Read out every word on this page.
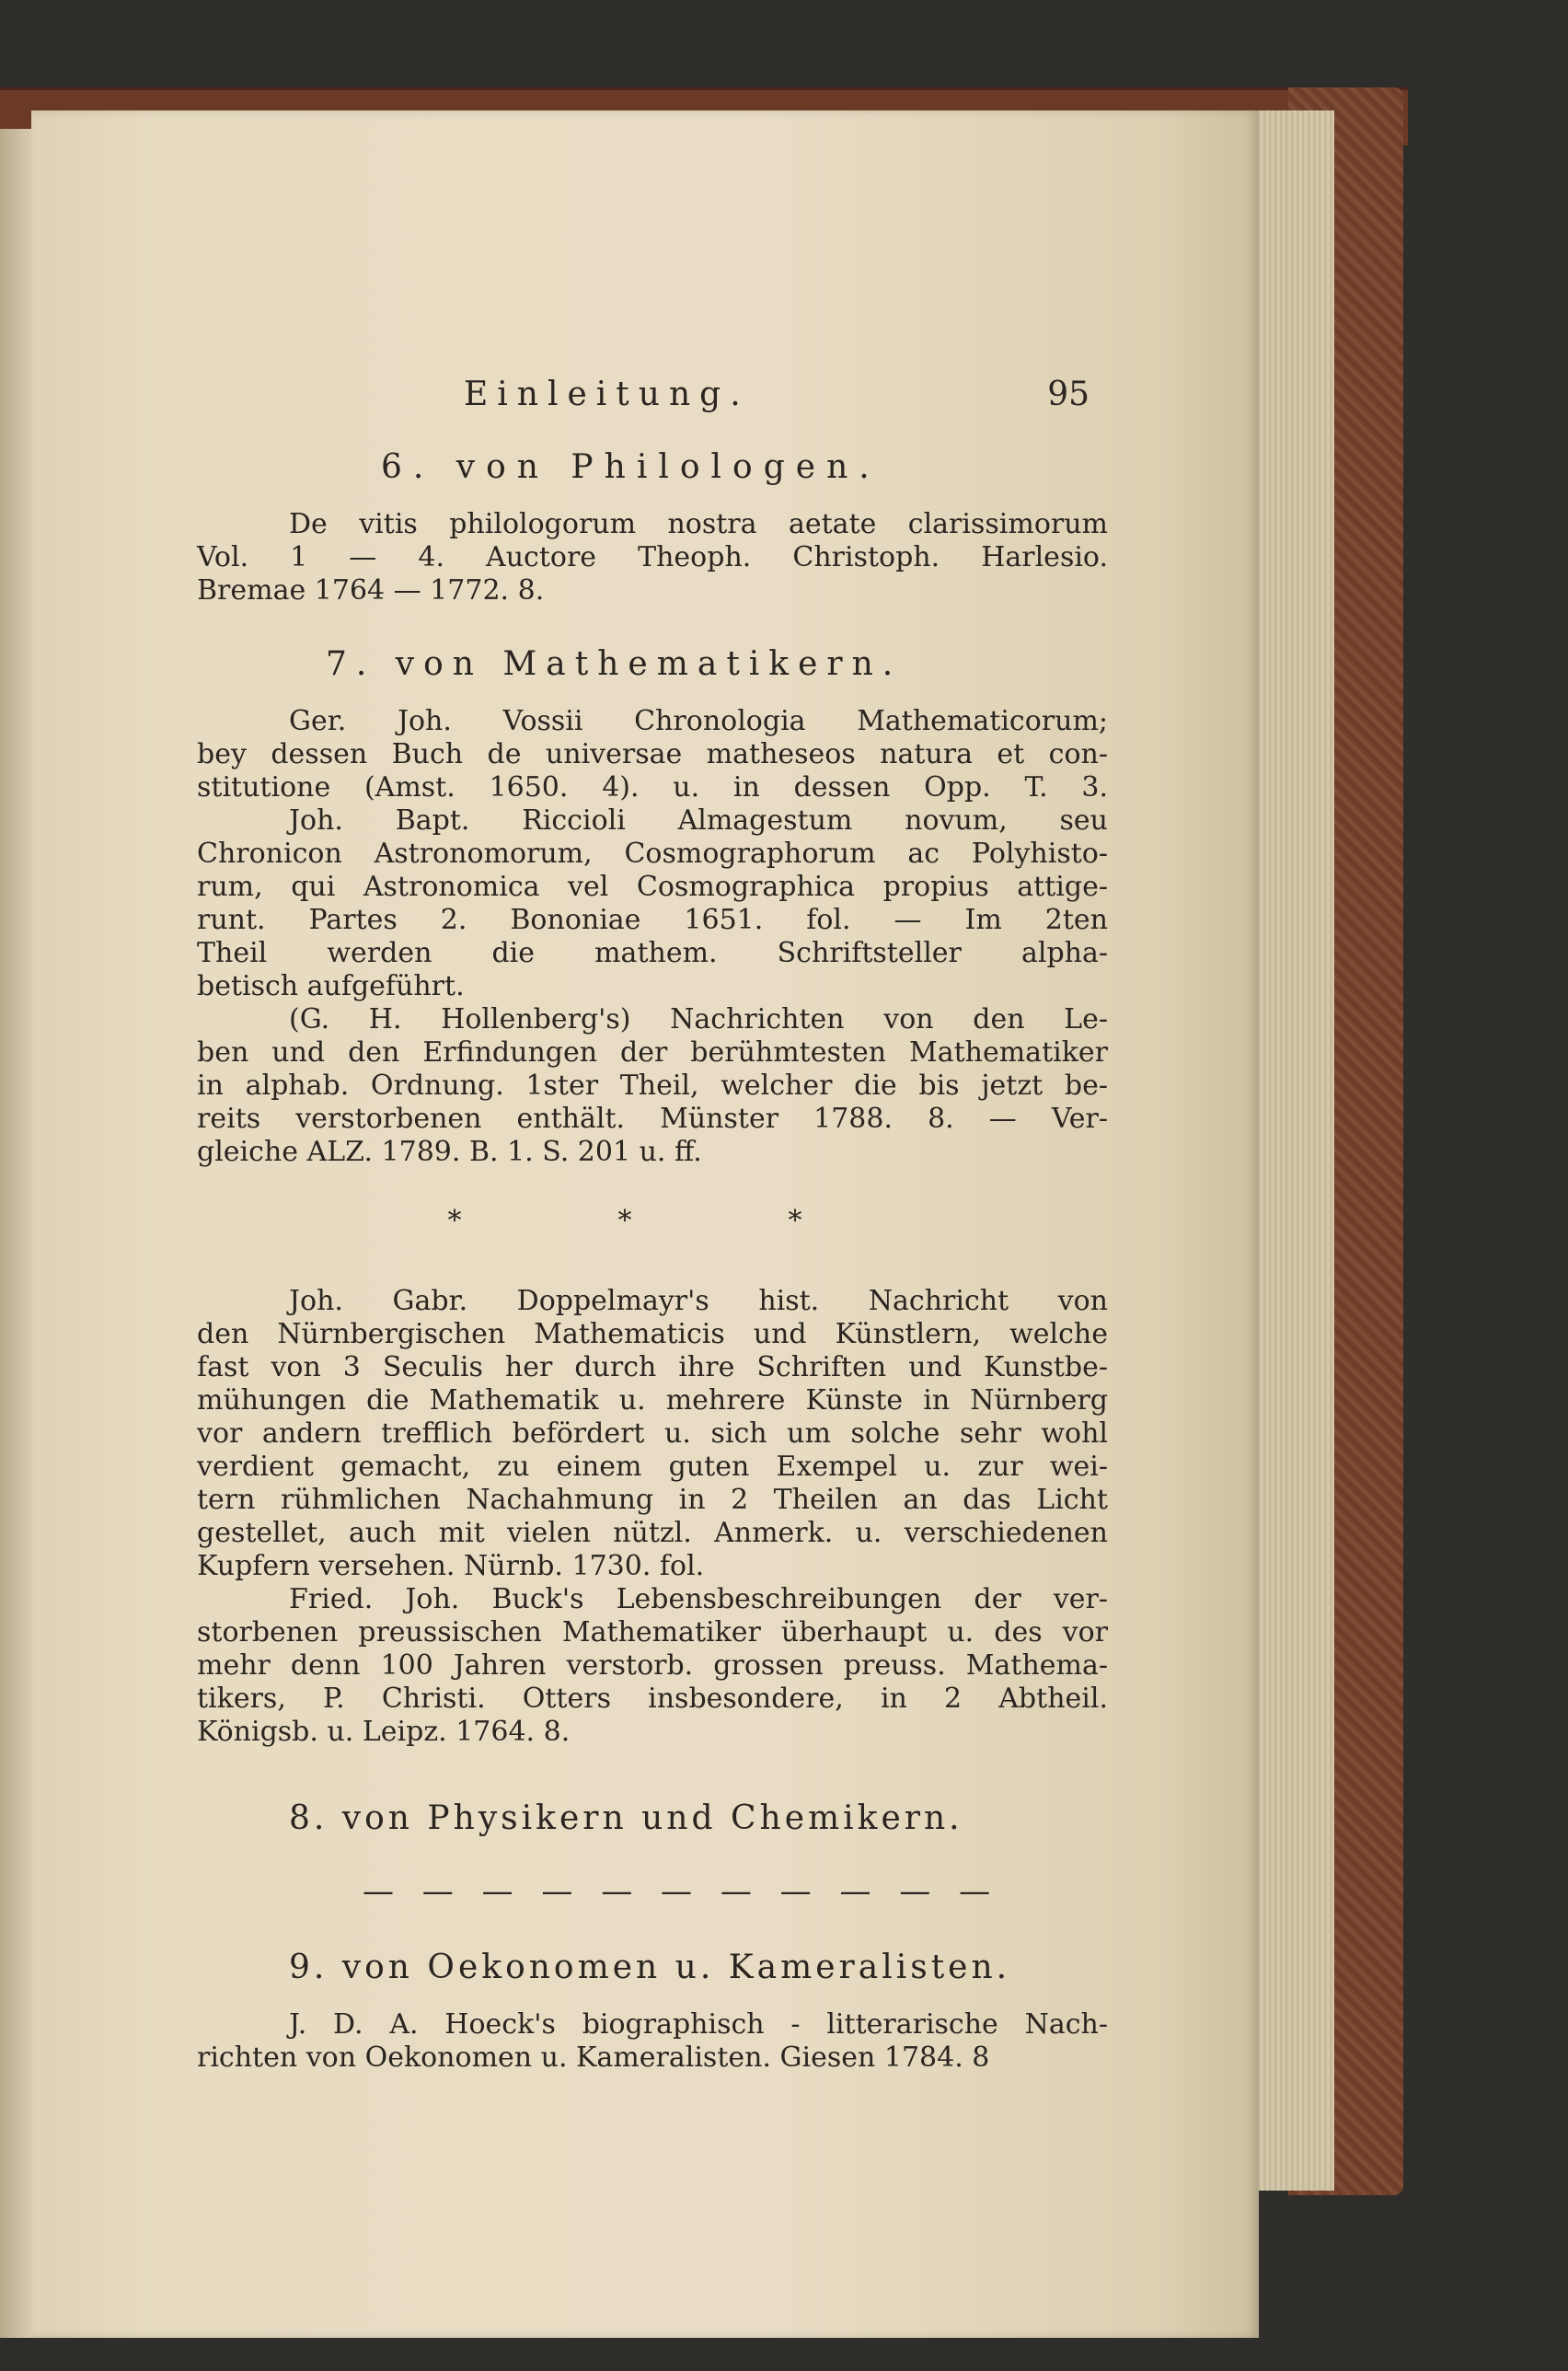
Einleitung.	95
6. von Philologen.
De vitis philologorum nostra aetate clarissimorum
Vol. 1 — 4. Auctore Theoph. Christoph. Harlesio.
Bremae 1764 — 1772. 8.
7. von Mathematikern.
Ger. Joh. Vossii Chronologia Mathematicorum;
bey dessen Buch de universae matheseos natura et con-
stitutione (Amst. 1650. 4). u. in dessen Opp. T. 3.
Joh. Bapt. Riccioli Almagestum novum, seu
Chronicon Astronomorum, Cosmographorum ac Polyhisto-
rum, qui Astronomica vel Cosmographica propius attige-
runt. Partes 2. Bononiae 1651. fol. — Im 2ten
Theil werden die mathem. Schriftsteller alpha-
betisch aufgeführt.
(G. H. Hollenberg's) Nachrichten von den Le-
ben und den Erfindungen der berühmtesten Mathematiker
in alphab. Ordnung. 1ster Theil, welcher die bis jetzt be-
reits verstorbenen enthält. Münster 1788. 8. — Ver-
gleiche ALZ. 1789. B. 1. S. 201 u. ff.
*	*	*
Joh. Gabr. Doppelmayr's hist. Nachricht von
den Nürnbergischen Mathematicis und Künstlern, welche
fast von 3 Seculis her durch ihre Schriften und Kunstbe-
mühungen die Mathematik u. mehrere Künste in Nürnberg
vor andern trefflich befördert u. sich um solche sehr wohl
verdient gemacht, zu einem guten Exempel u. zur wei-
tern rühmlichen Nachahmung in 2 Theilen an das Licht
gestellet, auch mit vielen nützl. Anmerk. u. verschiedenen
Kupfern versehen. Nürnb. 1730. fol.
Fried. Joh. Buck's Lebensbeschreibungen der ver-
storbenen preussischen Mathematiker überhaupt u. des vor
mehr denn 100 Jahren verstorb. grossen preuss. Mathema-
tikers, P. Christi. Otters insbesondere, in 2 Abtheil.
Königsb. u. Leipz. 1764. 8.
8. von Physikern und Chemikern.
— — — — — — — — — — —
9. von Oekonomen u. Kameralisten.
J. D. A. Hoeck's biographisch - litterarische Nach-
richten von Oekonomen u. Kameralisten. Giesen 1784. 8
